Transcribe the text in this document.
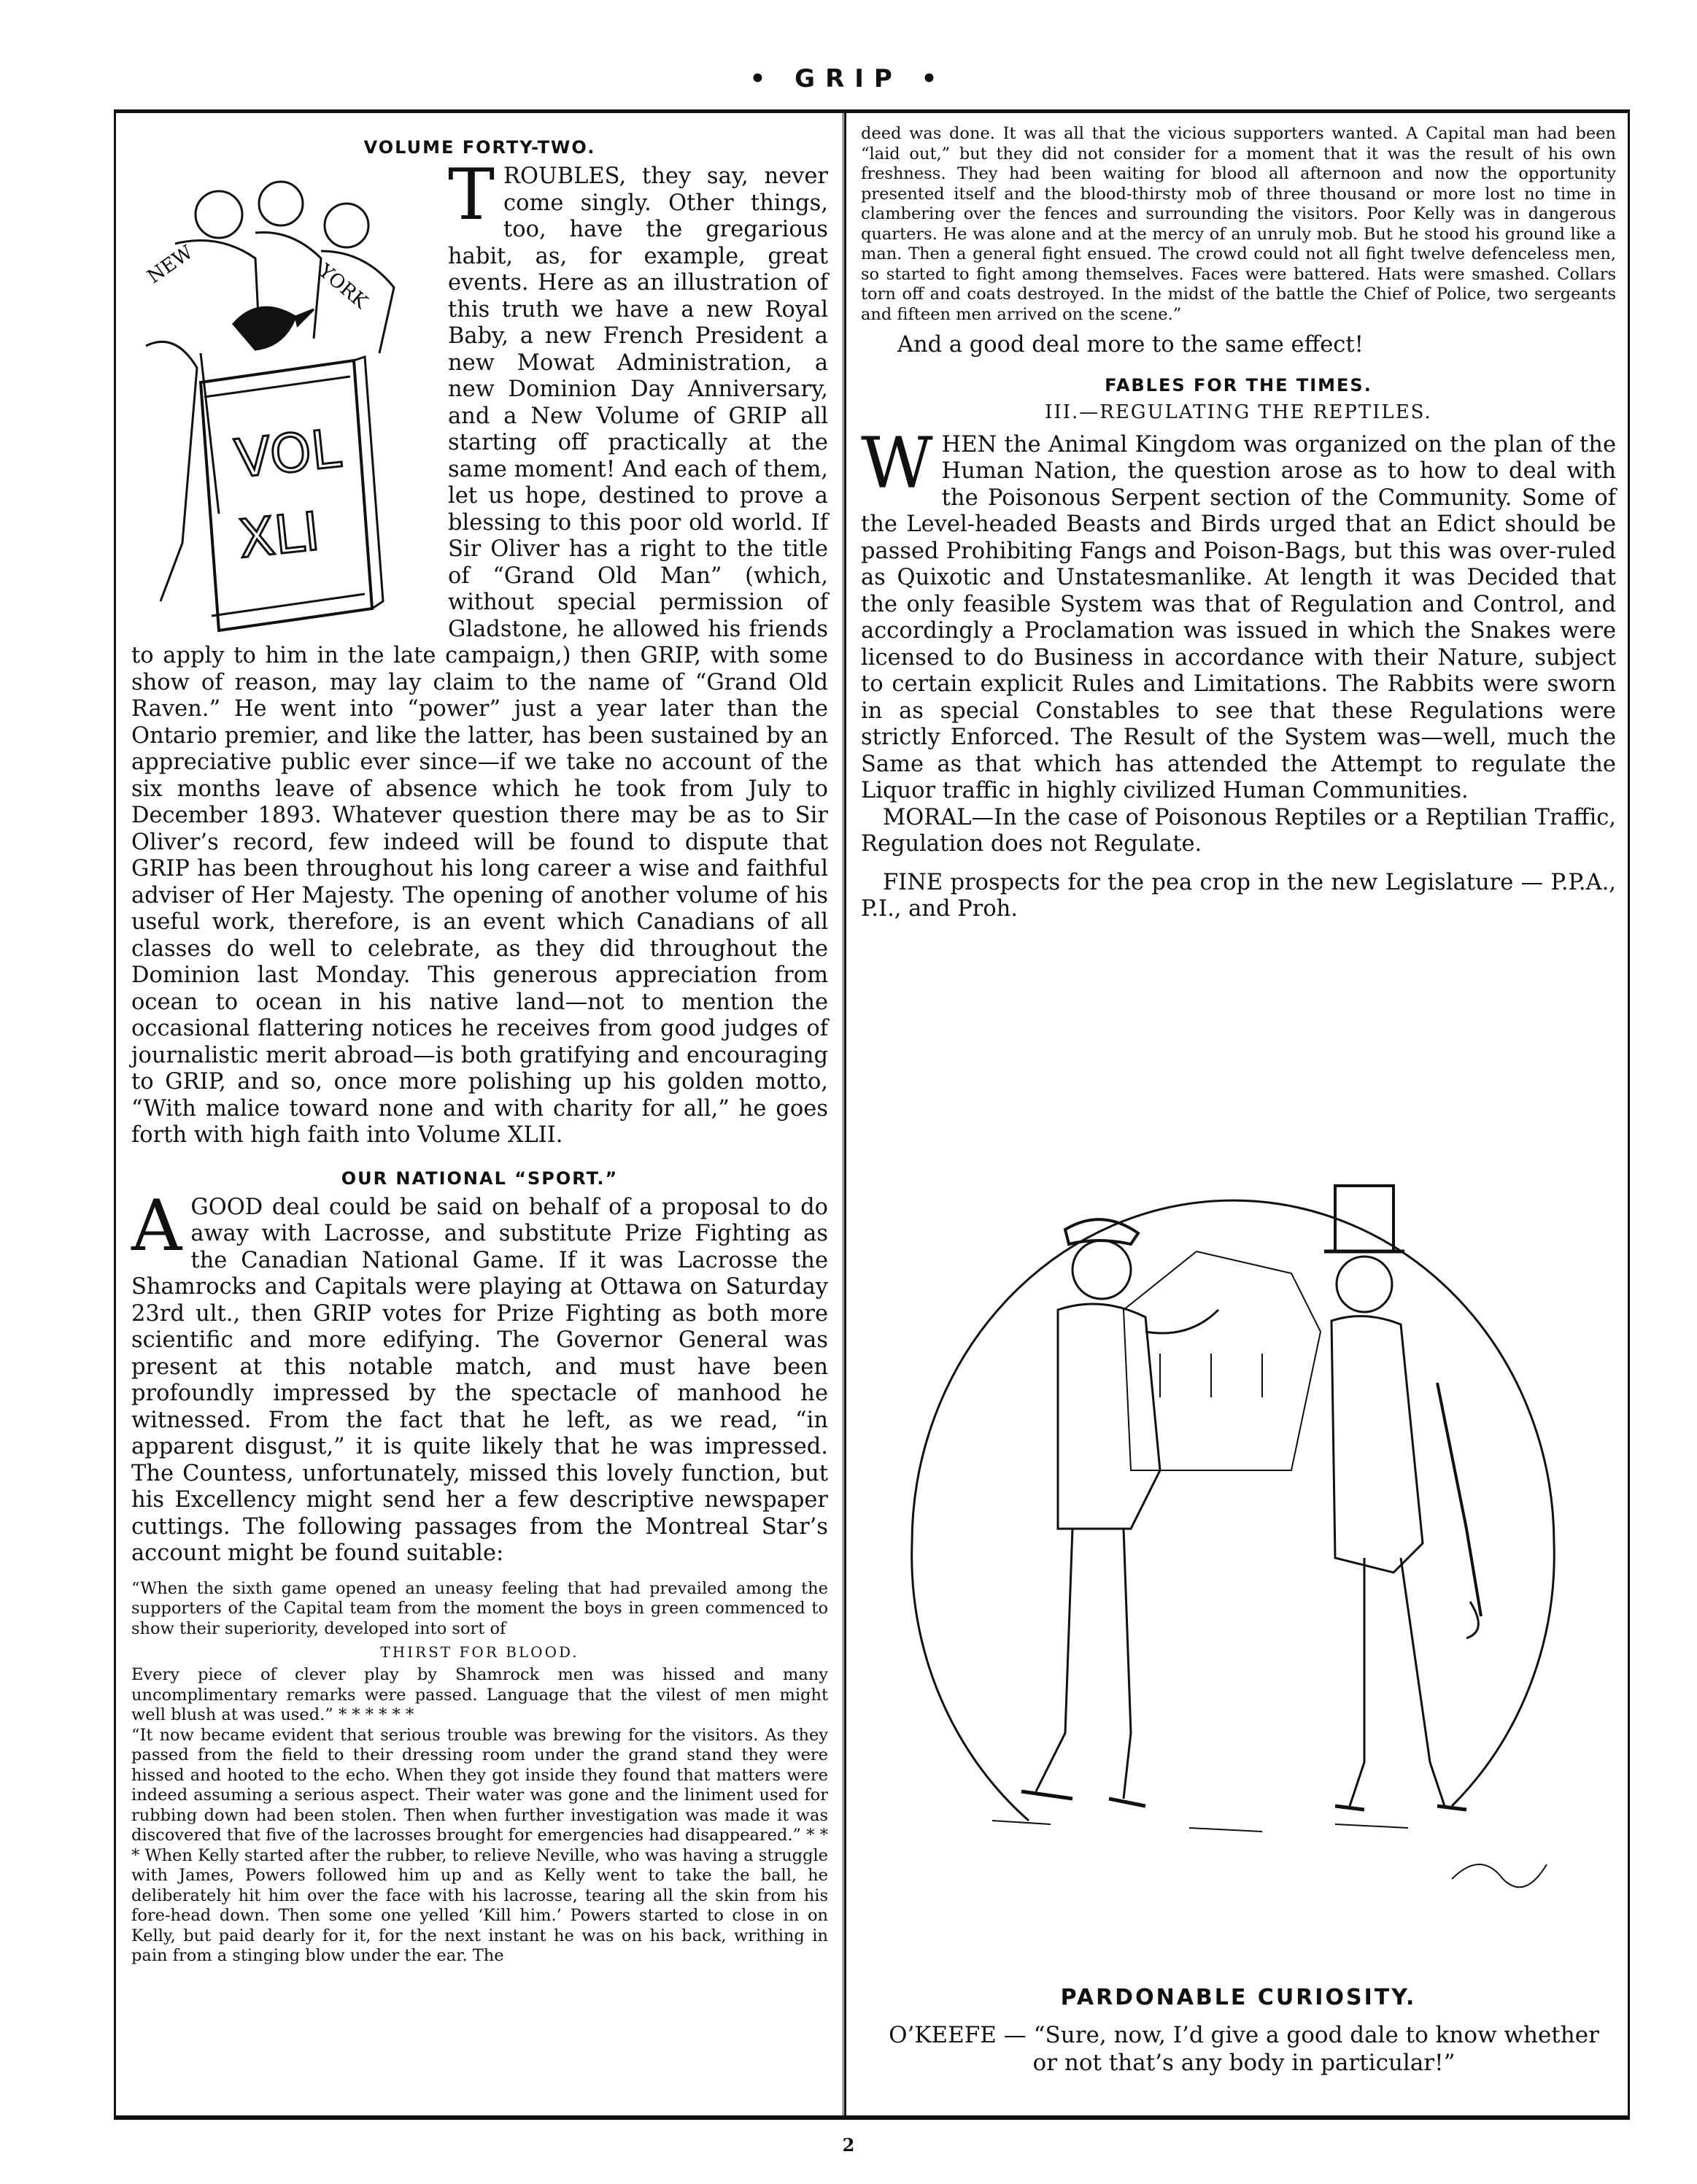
• GRIP •
VOLUME FORTY-TWO.
NEW	YORK
VOL
XLI

TROUBLES, they say, never come singly. Other things, too, have the gregarious habit, as, for example, great events. Here as an illustration of this truth we have a new Royal Baby, a new French President a new Mowat Administration, a new Dominion Day Anniversary, and a New Volume of GRIP all starting off practically at the same moment! And each of them, let us hope, destined to prove a blessing to this poor old world. If Sir Oliver has a right to the title of “Grand Old Man” (which, without special permission of Gladstone, he allowed his friends to apply to him in the late campaign,) then GRIP, with some show of reason, may lay claim to the name of “Grand Old Raven.” He went into “power” just a year later than the Ontario premier, and like the latter, has been sustained by an appreciative public ever since—if we take no account of the six months leave of absence which he took from July to December 1893. Whatever question there may be as to Sir Oliver’s record, few indeed will be found to dispute that GRIP has been throughout his long career a wise and faithful adviser of Her Majesty. The opening of another volume of his useful work, therefore, is an event which Canadians of all classes do well to celebrate, as they did throughout the Dominion last Monday. This generous appreciation from ocean to ocean in his native land—not to mention the occasional flattering notices he receives from good judges of journalistic merit abroad—is both gratifying and encouraging to GRIP, and so, once more polishing up his golden motto, “With malice toward none and with charity for all,” he goes forth with high faith into Volume XLII.

OUR NATIONAL “SPORT.”

AGOOD deal could be said on behalf of a proposal to do away with Lacrosse, and substitute Prize Fighting as the Canadian National Game. If it was Lacrosse the Shamrocks and Capitals were playing at Ottawa on Saturday 23rd ult., then GRIP votes for Prize Fighting as both more scientific and more edifying. The Governor General was present at this notable match, and must have been profoundly impressed by the spectacle of manhood he witnessed. From the fact that he left, as we read, “in apparent disgust,” it is quite likely that he was impressed. The Countess, unfortunately, missed this lovely function, but his Excellency might send her a few descriptive newspaper cuttings. The following passages from the Montreal Star’s account might be found suitable:

“When the sixth game opened an uneasy feeling that had prevailed among the supporters of the Capital team from the moment the boys in green commenced to show their superiority, developed into sort of

THIRST FOR BLOOD.

Every piece of clever play by Shamrock men was hissed and many uncomplimentary remarks were passed. Language that the vilest of men might well blush at was used.” * * * * * *

“It now became evident that serious trouble was brewing for the visitors. As they passed from the field to their dressing room under the grand stand they were hissed and hooted to the echo. When they got inside they found that matters were indeed assuming a serious aspect. Their water was gone and the liniment used for rubbing down had been stolen. Then when further investigation was made it was discovered that five of the lacrosses brought for emergencies had disappeared.” * * * When Kelly started after the rubber, to relieve Neville, who was having a struggle with James, Powers followed him up and as Kelly went to take the ball, he deliberately hit him over the face with his lacrosse, tearing all the skin from his fore-head down. Then some one yelled ‘Kill him.’ Powers started to close in on Kelly, but paid dearly for it, for the next instant he was on his back, writhing in pain from a stinging blow under the ear. The

deed was done. It was all that the vicious supporters wanted. A Capital man had been “laid out,” but they did not consider for a moment that it was the result of his own freshness. They had been waiting for blood all afternoon and now the opportunity presented itself and the blood-thirsty mob of three thousand or more lost no time in clambering over the fences and surrounding the visitors. Poor Kelly was in dangerous quarters. He was alone and at the mercy of an unruly mob. But he stood his ground like a man. Then a general fight ensued. The crowd could not all fight twelve defenceless men, so started to fight among themselves. Faces were battered. Hats were smashed. Collars torn off and coats destroyed. In the midst of the battle the Chief of Police, two sergeants and fifteen men arrived on the scene.”

And a good deal more to the same effect!

FABLES FOR THE TIMES.
III.—REGULATING THE REPTILES.

WHEN the Animal Kingdom was organized on the plan of the Human Nation, the question arose as to how to deal with the Poisonous Serpent section of the Community. Some of the Level-headed Beasts and Birds urged that an Edict should be passed Prohibiting Fangs and Poison-Bags, but this was over-ruled as Quixotic and Unstatesmanlike. At length it was Decided that the only feasible System was that of Regulation and Control, and accordingly a Proclamation was issued in which the Snakes were licensed to do Business in accordance with their Nature, subject to certain explicit Rules and Limitations. The Rabbits were sworn in as special Constables to see that these Regulations were strictly Enforced. The Result of the System was—well, much the Same as that which has attended the Attempt to regulate the Liquor traffic in highly civilized Human Communities.

MORAL—In the case of Poisonous Reptiles or a Reptilian Traffic, Regulation does not Regulate.

FINE prospects for the pea crop in the new Legislature — P.P.A., P.I., and Proh.

PARDONABLE CURIOSITY.
O’KEEFE — “Sure, now, I’d give a good dale to know whether or not that’s any body in particular!”
2
